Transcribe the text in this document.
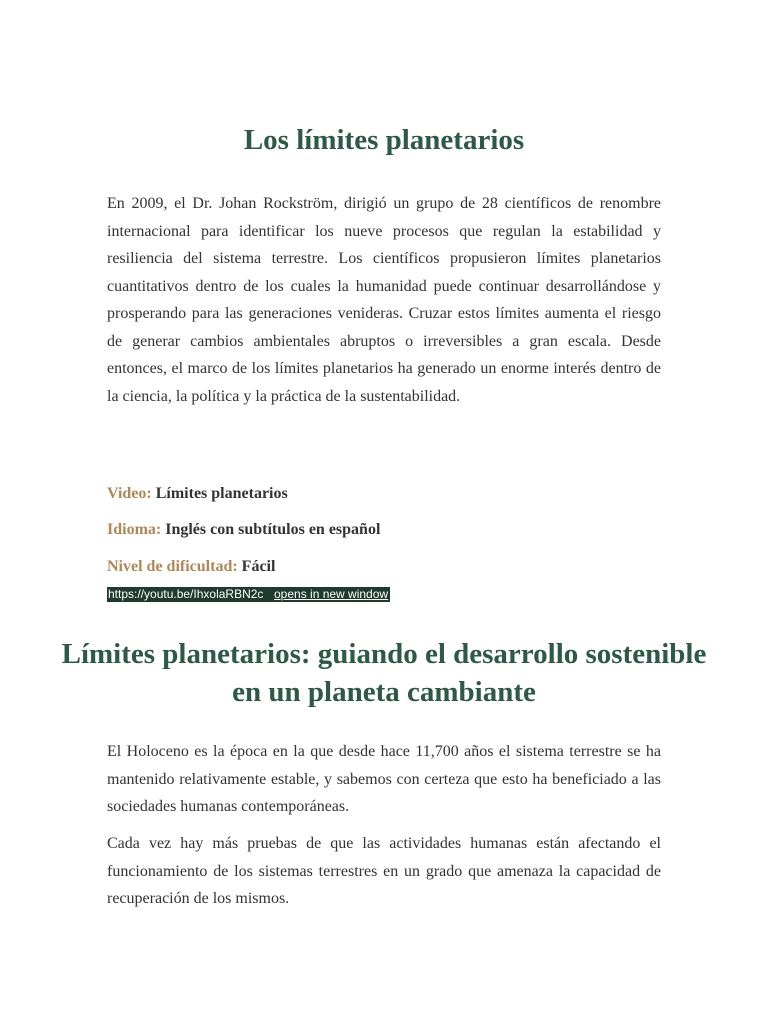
Los límites planetarios

En 2009, el Dr. Johan Rockström, dirigió un grupo de 28 científicos de renombre internacional para identificar los nueve procesos que regulan la estabilidad y resiliencia del sistema terrestre. Los científicos propusieron límites planetarios cuantitativos dentro de los cuales la humanidad puede continuar desarrollándose y prosperando para las generaciones venideras. Cruzar estos límites aumenta el riesgo de generar cambios ambientales abruptos o irreversibles a gran escala. Desde entonces, el marco de los límites planetarios ha generado un enorme interés dentro de la ciencia, la política y la práctica de la sustentabilidad.

Video: Límites planetarios

Idioma: Inglés con subtítulos en español

Nivel de dificultad: Fácil

https://youtu.be/IhxolaRBN2c opens in new window
Límites planetarios: guiando el desarrollo sostenible en un planeta cambiante

El Holoceno es la época en la que desde hace 11,700 años el sistema terrestre se ha mantenido relativamente estable, y sabemos con certeza que esto ha beneficiado a las sociedades humanas contemporáneas.

Cada vez hay más pruebas de que las actividades humanas están afectando el funcionamiento de los sistemas terrestres en un grado que amenaza la capacidad de recuperación de los mismos.
